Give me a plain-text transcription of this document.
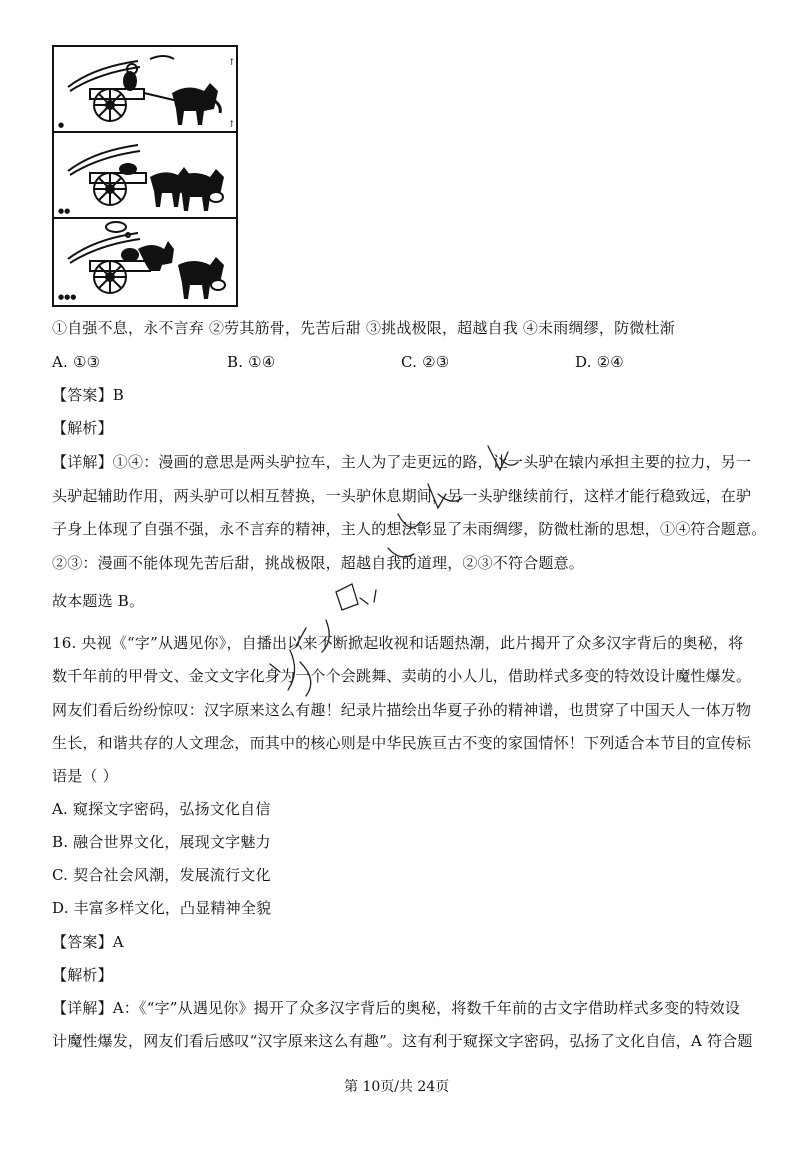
↑
↑
●
●●
●●●
①自强不息，永不言弃 ②劳其筋骨，先苦后甜 ③挑战极限，超越自我 ④未雨绸缪，防微杜渐
A. ①③	B. ①④	C. ②③	D. ②④
【答案】B
【解析】
【详解】①④：漫画的意思是两头驴拉车，主人为了走更远的路，让一头驴在辕内承担主要的拉力，另一
头驴起辅助作用，两头驴可以相互替换，一头驴休息期间，另一头驴继续前行，这样才能行稳致远，在驴
子身上体现了自强不强，永不言弃的精神，主人的想法彰显了未雨绸缪，防微杜渐的思想，①④符合题意。
②③：漫画不能体现先苦后甜，挑战极限，超越自我的道理，②③不符合题意。
故本题选 B。
16. 央视《“字”从遇见你》，自播出以来不断掀起收视和话题热潮，此片揭开了众多汉字背后的奥秘，将
数千年前的甲骨文、金文文字化身为一个个会跳舞、卖萌的小人儿，借助样式多变的特效设计魔性爆发。
网友们看后纷纷惊叹：汉字原来这么有趣！纪录片描绘出华夏子孙的精神谱，也贯穿了中国天人一体万物
生长，和谐共存的人文理念，而其中的核心则是中华民族亘古不变的家国情怀！下列适合本节目的宣传标
语是（ ）
A. 窥探文字密码，弘扬文化自信
B. 融合世界文化，展现文字魅力
C. 契合社会风潮，发展流行文化
D. 丰富多样文化，凸显精神全貌
【答案】A
【解析】
【详解】A：《“字”从遇见你》揭开了众多汉字背后的奥秘，将数千年前的古文字借助样式多变的特效设
计魔性爆发，网友们看后感叹“汉字原来这么有趣”。这有利于窥探文字密码，弘扬了文化自信，A 符合题
第 10页/共 24页
